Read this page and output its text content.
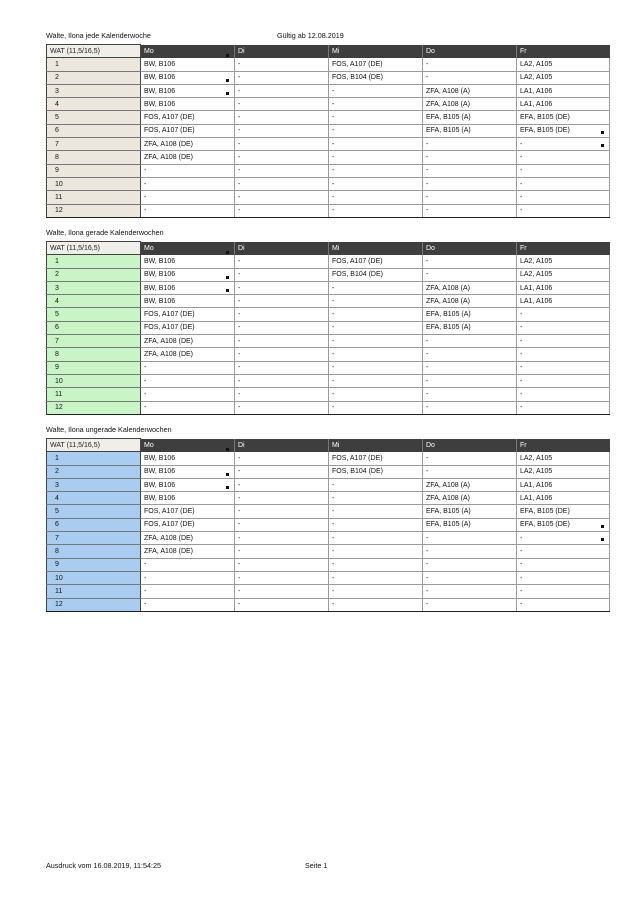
Gültig ab 12.08.2019
Walte, Ilona jede Kalenderwoche
WAT (11,5/16,5)	Mo	Di	Mi	Do	Fr
1	BW, B106	-	FOS, A107 (DE)	-	LA2, A105
2	BW, B106	-	FOS, B104 (DE)	-	LA2, A105
3	BW, B106	-	-	ZFA, A108 (A)	LA1, A106
4	BW, B106	-	-	ZFA, A108 (A)	LA1, A106
5	FOS, A107 (DE)	-	-	EFA, B105 (A)	EFA, B105 (DE)
6	FOS, A107 (DE)	-	-	EFA, B105 (A)	EFA, B105 (DE)
7	ZFA, A108 (DE)	-	-	-	-
8	ZFA, A108 (DE)	-	-	-	-
9	-	-	-	-	-
10	-	-	-	-	-
11	-	-	-	-	-
12	-	-	-	-	-
Walte, Ilona gerade Kalenderwochen
WAT (11,5/16,5)	Mo	Di	Mi	Do	Fr
1	BW, B106	-	FOS, A107 (DE)	-	LA2, A105
2	BW, B106	-	FOS, B104 (DE)	-	LA2, A105
3	BW, B106	-	-	ZFA, A108 (A)	LA1, A106
4	BW, B106	-	-	ZFA, A108 (A)	LA1, A106
5	FOS, A107 (DE)	-	-	EFA, B105 (A)	-
6	FOS, A107 (DE)	-	-	EFA, B105 (A)	-
7	ZFA, A108 (DE)	-	-	-	-
8	ZFA, A108 (DE)	-	-	-	-
9	-	-	-	-	-
10	-	-	-	-	-
11	-	-	-	-	-
12	-	-	-	-	-
Walte, Ilona ungerade Kalenderwochen
WAT (11,5/16,5)	Mo	Di	Mi	Do	Fr
1	BW, B106	-	FOS, A107 (DE)	-	LA2, A105
2	BW, B106	-	FOS, B104 (DE)	-	LA2, A105
3	BW, B106	-	-	ZFA, A108 (A)	LA1, A106
4	BW, B106	-	-	ZFA, A108 (A)	LA1, A106
5	FOS, A107 (DE)	-	-	EFA, B105 (A)	EFA, B105 (DE)
6	FOS, A107 (DE)	-	-	EFA, B105 (A)	EFA, B105 (DE)
7	ZFA, A108 (DE)	-	-	-	-
8	ZFA, A108 (DE)	-	-	-	-
9	-	-	-	-	-
10	-	-	-	-	-
11	-	-	-	-	-
12	-	-	-	-	-
Ausdruck vom 16.08.2019, 11:54:25	Seite 1
